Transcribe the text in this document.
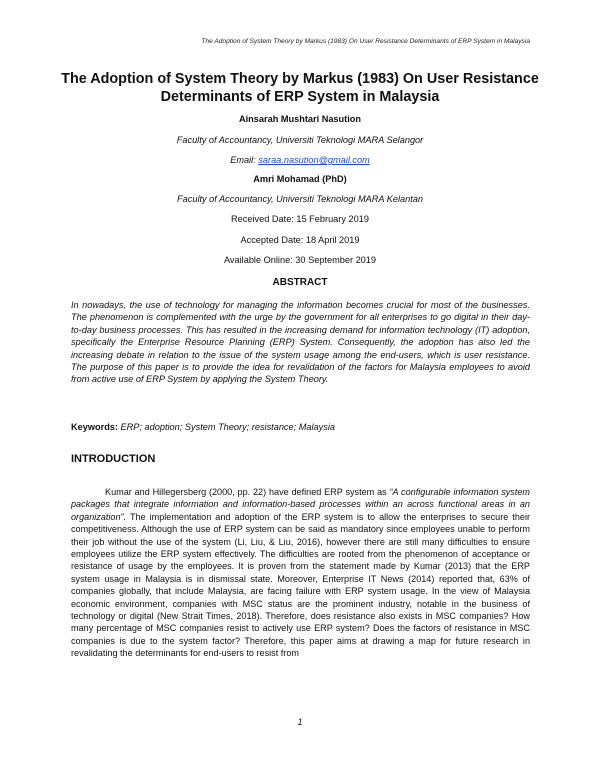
The Adoption of System Theory by Markus (1983) On User Resistance Determinants of ERP System in Malaysia
The Adoption of System Theory by Markus (1983) On User Resistance
Determinants of ERP System in Malaysia
Ainsarah Mushtari Nasution
Faculty of Accountancy, Universiti Teknologi MARA Selangor
Email: saraa.nasution@gmail.com
Amri Mohamad (PhD)
Faculty of Accountancy, Universiti Teknologi MARA Kelantan
Received Date: 15 February 2019
Accepted Date: 18 April 2019
Available Online: 30 September 2019
ABSTRACT

In nowadays, the use of technology for managing the information becomes crucial for most of the businesses. The phenomenon is complemented with the urge by the government for all enterprises to go digital in their day-to-day business processes. This has resulted in the increasing demand for information technology (IT) adoption, specifically the Enterprise Resource Planning (ERP) System. Consequently, the adoption has also led the increasing debate in relation to the issue of the system usage among the end-users, which is user resistance. The purpose of this paper is to provide the idea for revalidation of the factors for Malaysia employees to avoid from active use of ERP System by applying the System Theory.

Keywords: ERP; adoption; System Theory; resistance; Malaysia

INTRODUCTION

Kumar and Hillegersberg (2000, pp. 22) have defined ERP system as “A configurable information system packages that integrate information and information-based processes within an across functional areas in an organization”. The implementation and adoption of the ERP system is to allow the enterprises to secure their competitiveness. Although the use of ERP system can be said as mandatory since employees unable to perform their job without the use of the system (Li, Liu, & Liu, 2016), however there are still many difficulties to ensure employees utilize the ERP system effectively. The difficulties are rooted from the phenomenon of acceptance or resistance of usage by the employees. It is proven from the statement made by Kumar (2013) that the ERP system usage in Malaysia is in dismissal state. Moreover, Enterprise IT News (2014) reported that, 63% of companies globally, that include Malaysia, are facing failure with ERP system usage. In the view of Malaysia economic environment, companies with MSC status are the prominent industry, notable in the business of technology or digital (New Strait Times, 2018). Therefore, does resistance also exists in MSC companies? How many percentage of MSC companies resist to actively use ERP system? Does the factors of resistance in MSC companies is due to the system factor? Therefore, this paper aims at drawing a map for future research in revalidating the determinants for end-users to resist from

1
